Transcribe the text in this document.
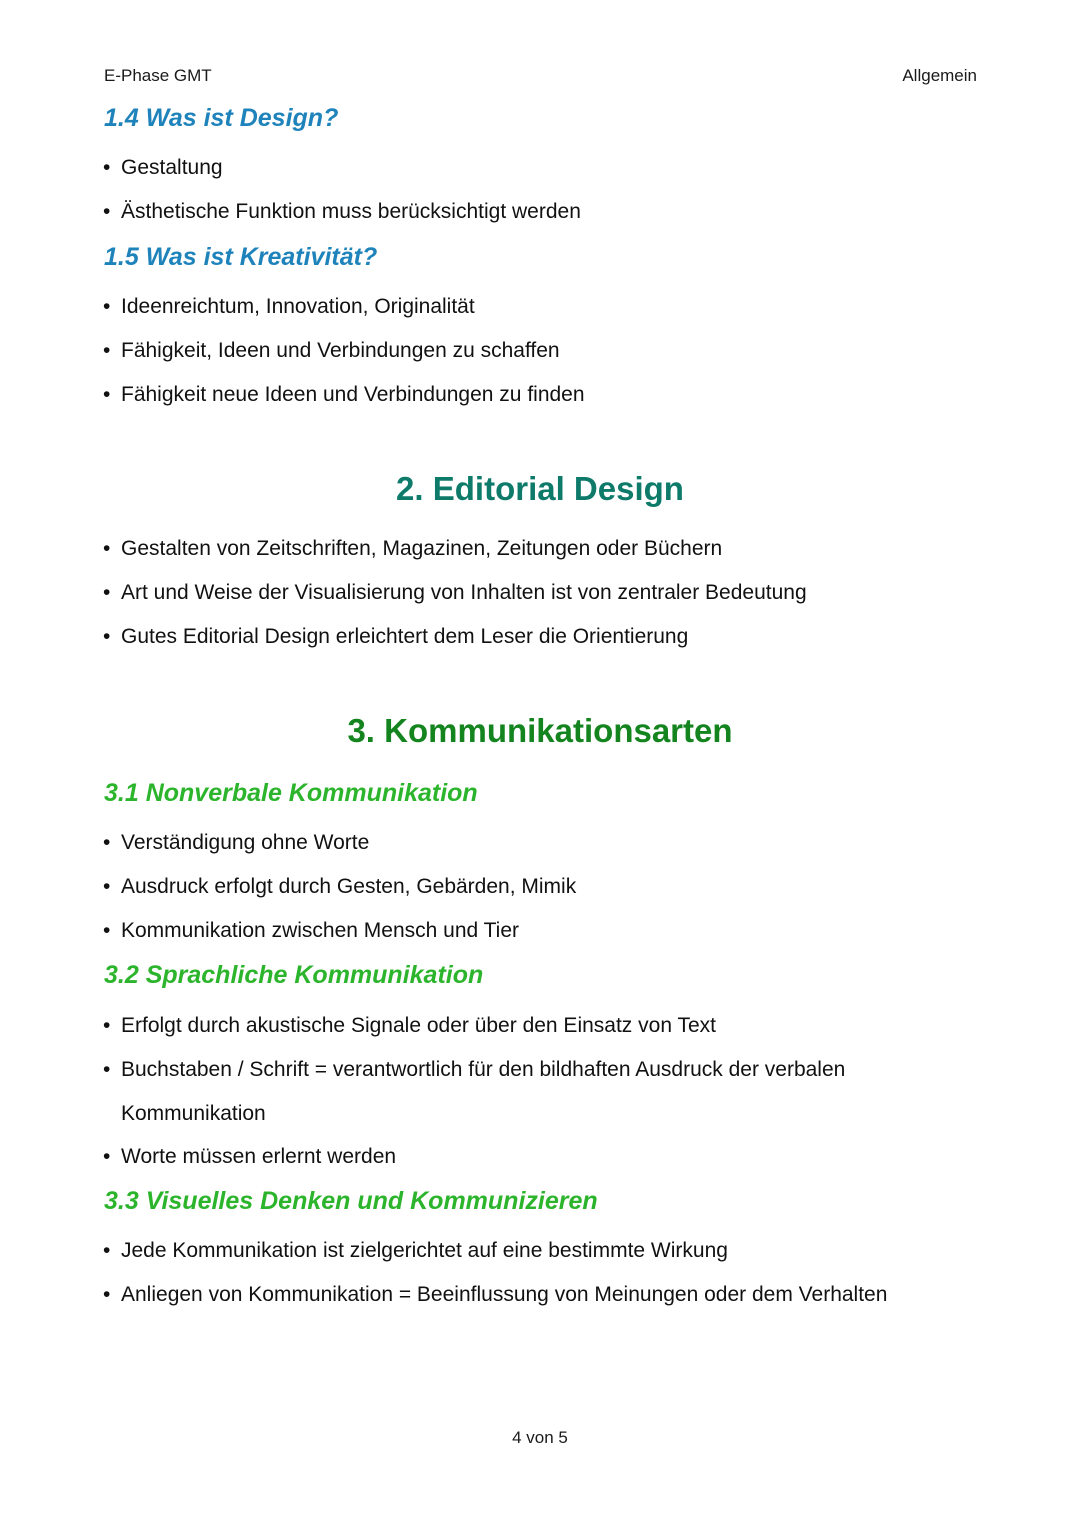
E-Phase GMT	Allgemein
1.4 Was ist Design?
• Gestaltung
• Ästhetische Funktion muss berücksichtigt werden
1.5 Was ist Kreativität?
• Ideenreichtum, Innovation, Originalität
• Fähigkeit, Ideen und Verbindungen zu schaffen
• Fähigkeit neue Ideen und Verbindungen zu finden
2. Editorial Design
• Gestalten von Zeitschriften, Magazinen, Zeitungen oder Büchern
• Art und Weise der Visualisierung von Inhalten ist von zentraler Bedeutung
• Gutes Editorial Design erleichtert dem Leser die Orientierung
3. Kommunikationsarten
3.1 Nonverbale Kommunikation
• Verständigung ohne Worte
• Ausdruck erfolgt durch Gesten, Gebärden, Mimik
• Kommunikation zwischen Mensch und Tier
3.2 Sprachliche Kommunikation
• Erfolgt durch akustische Signale oder über den Einsatz von Text
• Buchstaben / Schrift = verantwortlich für den bildhaften Ausdruck der verbalen Kommunikation
• Worte müssen erlernt werden
3.3 Visuelles Denken und Kommunizieren
• Jede Kommunikation ist zielgerichtet auf eine bestimmte Wirkung
• Anliegen von Kommunikation = Beeinflussung von Meinungen oder dem Verhalten
4 von 5
